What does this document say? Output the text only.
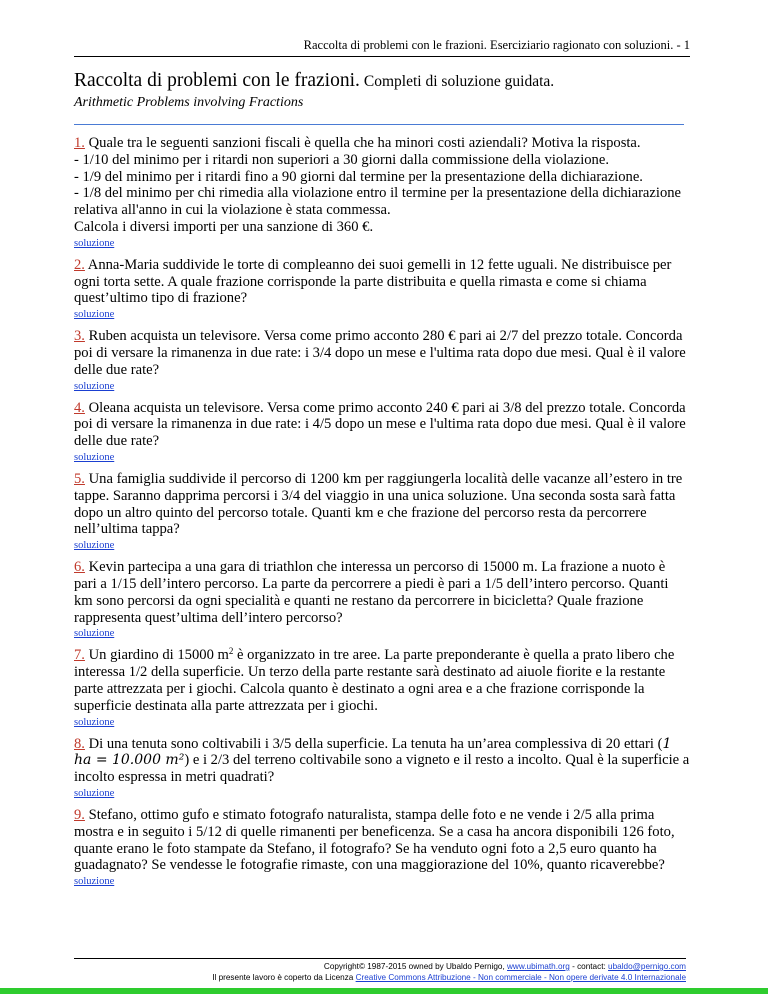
Raccolta di problemi con le frazioni. Eserciziario ragionato con soluzioni. - 1
Raccolta di problemi con le frazioni. Completi di soluzione guidata.
Arithmetic Problems involving Fractions
1. Quale tra le seguenti sanzioni fiscali è quella che ha minori costi aziendali? Motiva la risposta.
- 1/10 del minimo per i ritardi non superiori a 30 giorni dalla commissione della violazione.
- 1/9 del minimo per i ritardi fino a 90 giorni dal termine per la presentazione della dichiarazione.
- 1/8 del minimo per chi rimedia alla violazione entro il termine per la presentazione della dichiarazione relativa all'anno in cui la violazione è stata commessa.
Calcola i diversi importi per una sanzione di 360 €.
soluzione
2. Anna-Maria suddivide le torte di compleanno dei suoi gemelli in 12 fette uguali. Ne distribuisce per ogni torta sette. A quale frazione corrisponde la parte distribuita e quella rimasta e come si chiama quest’ultimo tipo di frazione?
soluzione
3. Ruben acquista un televisore. Versa come primo acconto 280 € pari ai 2/7 del prezzo totale. Concorda poi di versare la rimanenza in due rate: i 3/4 dopo un mese e l'ultima rata dopo due mesi. Qual è il valore delle due rate?
soluzione
4. Oleana acquista un televisore. Versa come primo acconto 240 € pari ai 3/8 del prezzo totale. Concorda poi di versare la rimanenza in due rate: i 4/5 dopo un mese e l'ultima rata dopo due mesi. Qual è il valore delle due rate?
soluzione
5. Una famiglia suddivide il percorso di 1200 km per raggiungerla località delle vacanze all’estero in tre tappe. Saranno dapprima percorsi i 3/4 del viaggio in una unica soluzione. Una seconda sosta sarà fatta dopo un altro quinto del percorso totale. Quanti km e che frazione del percorso resta da percorrere nell’ultima tappa?
soluzione
6. Kevin partecipa a una gara di triathlon che interessa un percorso di 15000 m. La frazione a nuoto è pari a 1/15 dell’intero percorso. La parte da percorrere a piedi è pari a 1/5 dell’intero percorso. Quanti km sono percorsi da ogni specialità e quanti ne restano da percorrere in bicicletta? Quale frazione rappresenta quest’ultima dell’intero percorso?
soluzione
7. Un giardino di 15000 $m^2$ è organizzato in tre aree. La parte preponderante è quella a prato libero che interessa 1/2 della superficie. Un terzo della parte restante sarà destinato ad aiuole fiorite e la restante parte attrezzata per i giochi. Calcola quanto è destinato a ogni area e a che frazione corrisponde la superficie destinata alla parte attrezzata per i giochi.
soluzione
8. Di una tenuta sono coltivabili i 3/5 della superficie. La tenuta ha un’area complessiva di 20 ettari (1 ha = 10.000 m²) e i 2/3 del terreno coltivabile sono a vigneto e il resto a incolto. Qual è la superficie a incolto espressa in metri quadrati?
soluzione
9. Stefano, ottimo gufo e stimato fotografo naturalista, stampa delle foto e ne vende i 2/5 alla prima mostra e in seguito i 5/12 di quelle rimanenti per beneficenza. Se a casa ha ancora disponibili 126 foto, quante erano le foto stampate da Stefano, il fotografo? Se ha venduto ogni foto a 2,5 euro quanto ha guadagnato? Se vendesse le fotografie rimaste, con una maggiorazione del 10%, quanto ricaverebbe?
soluzione
Copyright© 1987-2015 owned by Ubaldo Pernigo, www.ubimath.org - contact: ubaldo@pernigo.com
Il presente lavoro è coperto da Licenza Creative Commons Attribuzione - Non commerciale - Non opere derivate 4.0 Internazionale
